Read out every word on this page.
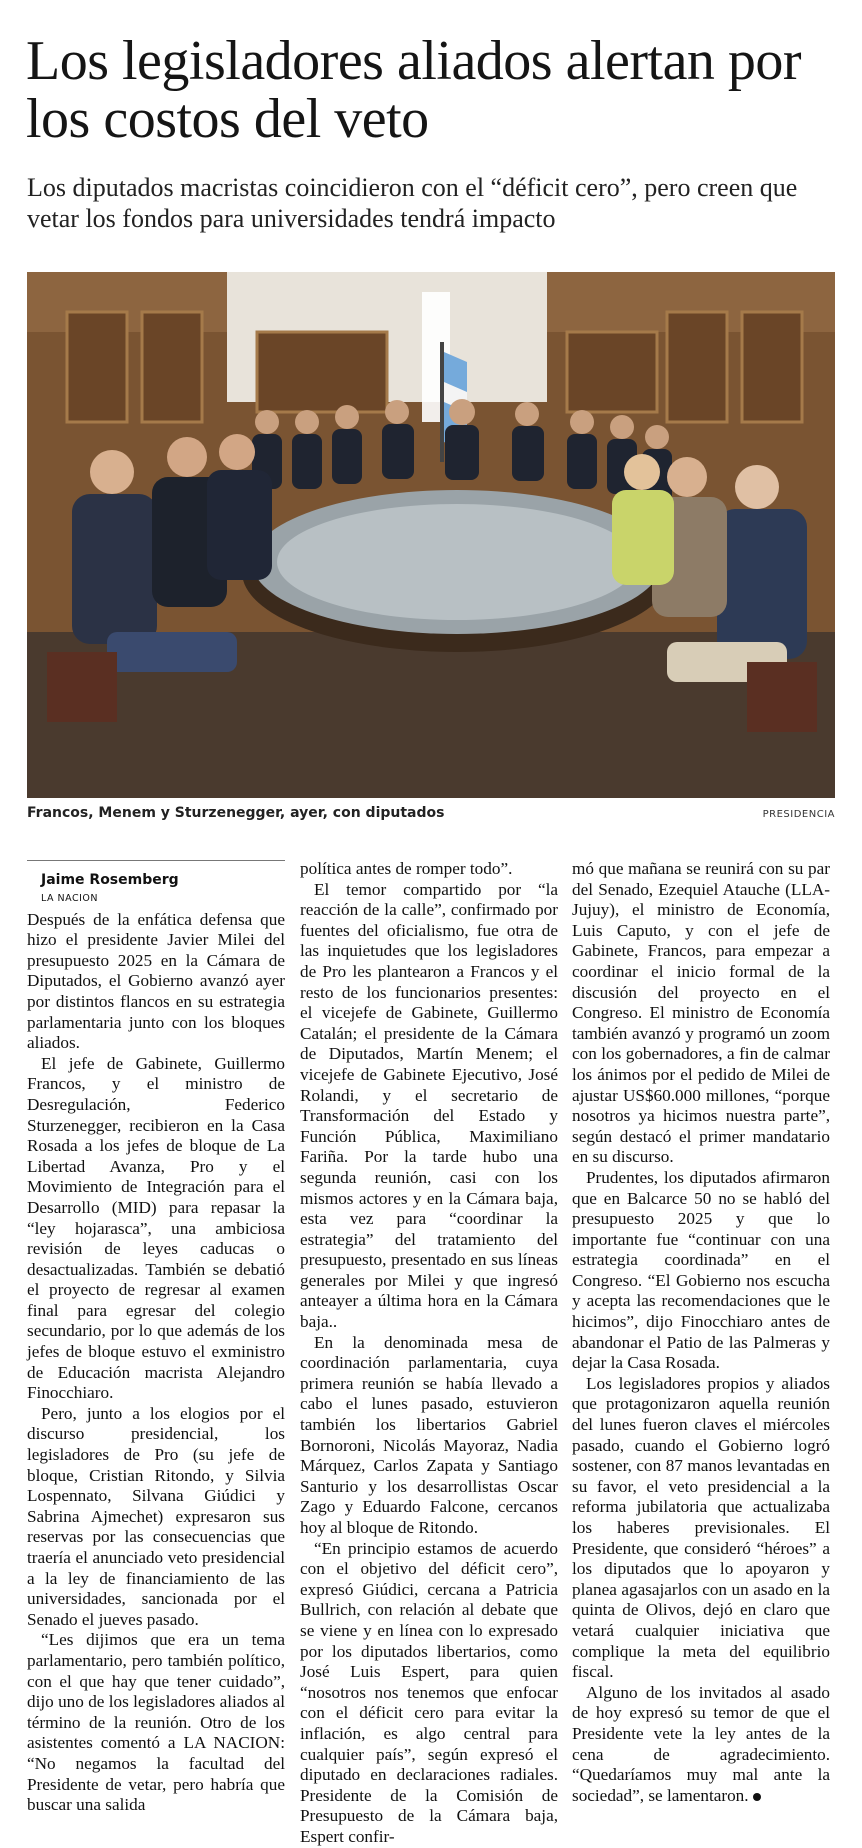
Los legisladores aliados alertan por los costos del veto

Los diputados macristas coincidieron con el “déficit cero”, pero creen que vetar los fondos para universidades tendrá impacto

Francos, Menem y Sturzenegger, ayer, con diputados	PRESIDENCIA

Jaime Rosemberg

LA NACION

Después de la enfática defensa que hizo el presidente Javier Milei del presupuesto 2025 en la Cámara de Diputados, el Gobierno avanzó ayer por distintos flancos en su estrategia parlamentaria junto con los bloques aliados.

El jefe de Gabinete, Guillermo Francos, y el ministro de Desregulación, Federico Sturzenegger, recibieron en la Casa Rosada a los jefes de bloque de La Libertad Avanza, Pro y el Movimiento de Integración para el Desarrollo (MID) para repasar la “ley hojarasca”, una ambiciosa revisión de leyes caducas o desactualizadas. También se debatió el proyecto de regresar al examen final para egresar del colegio secundario, por lo que además de los jefes de bloque estuvo el exministro de Educación macrista Alejandro Finocchiaro.

Pero, junto a los elogios por el discurso presidencial, los legisladores de Pro (su jefe de bloque, Cristian Ritondo, y Silvia Lospennato, Silvana Giúdici y Sabrina Ajmechet) expresaron sus reservas por las consecuencias que traería el anunciado veto presidencial a la ley de financiamiento de las universidades, sancionada por el Senado el jueves pasado.

“Les dijimos que era un tema parlamentario, pero también político, con el que hay que tener cuidado”, dijo uno de los legisladores aliados al término de la reunión. Otro de los asistentes comentó a LA NACION: “No negamos la facultad del Presidente de vetar, pero habría que buscar una salida

política antes de romper todo”.

El temor compartido por “la reacción de la calle”, confirmado por fuentes del oficialismo, fue otra de las inquietudes que los legisladores de Pro les plantearon a Francos y el resto de los funcionarios presentes: el vicejefe de Gabinete, Guillermo Catalán; el presidente de la Cámara de Diputados, Martín Menem; el vicejefe de Gabinete Ejecutivo, José Rolandi, y el secretario de Transformación del Estado y Función Pública, Maximiliano Fariña. Por la tarde hubo una segunda reunión, casi con los mismos actores y en la Cámara baja, esta vez para “coordinar la estrategia” del tratamiento del presupuesto, presentado en sus líneas generales por Milei y que ingresó anteayer a última hora en la Cámara baja..

En la denominada mesa de coordinación parlamentaria, cuya primera reunión se había llevado a cabo el lunes pasado, estuvieron también los libertarios Gabriel Bornoroni, Nicolás Mayoraz, Nadia Márquez, Carlos Zapata y Santiago Santurio y los desarrollistas Oscar Zago y Eduardo Falcone, cercanos hoy al bloque de Ritondo.

“En principio estamos de acuerdo con el objetivo del déficit cero”, expresó Giúdici, cercana a Patricia Bullrich, con relación al debate que se viene y en línea con lo expresado por los diputados libertarios, como José Luis Espert, para quien “nosotros nos tenemos que enfocar con el déficit cero para evitar la inflación, es algo central para cualquier país”, según expresó el diputado en declaraciones radiales. Presidente de la Comisión de Presupuesto de la Cámara baja, Espert confir-

mó que mañana se reunirá con su par del Senado, Ezequiel Atauche (LLA-Jujuy), el ministro de Economía, Luis Caputo, y con el jefe de Gabinete, Francos, para empezar a coordinar el inicio formal de la discusión del proyecto en el Congreso. El ministro de Economía también avanzó y programó un zoom con los gobernadores, a fin de calmar los ánimos por el pedido de Milei de ajustar US$60.000 millones, “porque nosotros ya hicimos nuestra parte”, según destacó el primer mandatario en su discurso.

Prudentes, los diputados afirmaron que en Balcarce 50 no se habló del presupuesto 2025 y que lo importante fue “continuar con una estrategia coordinada” en el Congreso. “El Gobierno nos escucha y acepta las recomendaciones que le hicimos”, dijo Finocchiaro antes de abandonar el Patio de las Palmeras y dejar la Casa Rosada.

Los legisladores propios y aliados que protagonizaron aquella reunión del lunes fueron claves el miércoles pasado, cuando el Gobierno logró sostener, con 87 manos levantadas en su favor, el veto presidencial a la reforma jubilatoria que actualizaba los haberes previsionales. El Presidente, que consideró “héroes” a los diputados que lo apoyaron y planea agasajarlos con un asado en la quinta de Olivos, dejó en claro que vetará cualquier iniciativa que complique la meta del equilibrio fiscal.

Alguno de los invitados al asado de hoy expresó su temor de que el Presidente vete la ley antes de la cena de agradecimiento. “Quedaríamos muy mal ante la sociedad”, se lamentaron.
